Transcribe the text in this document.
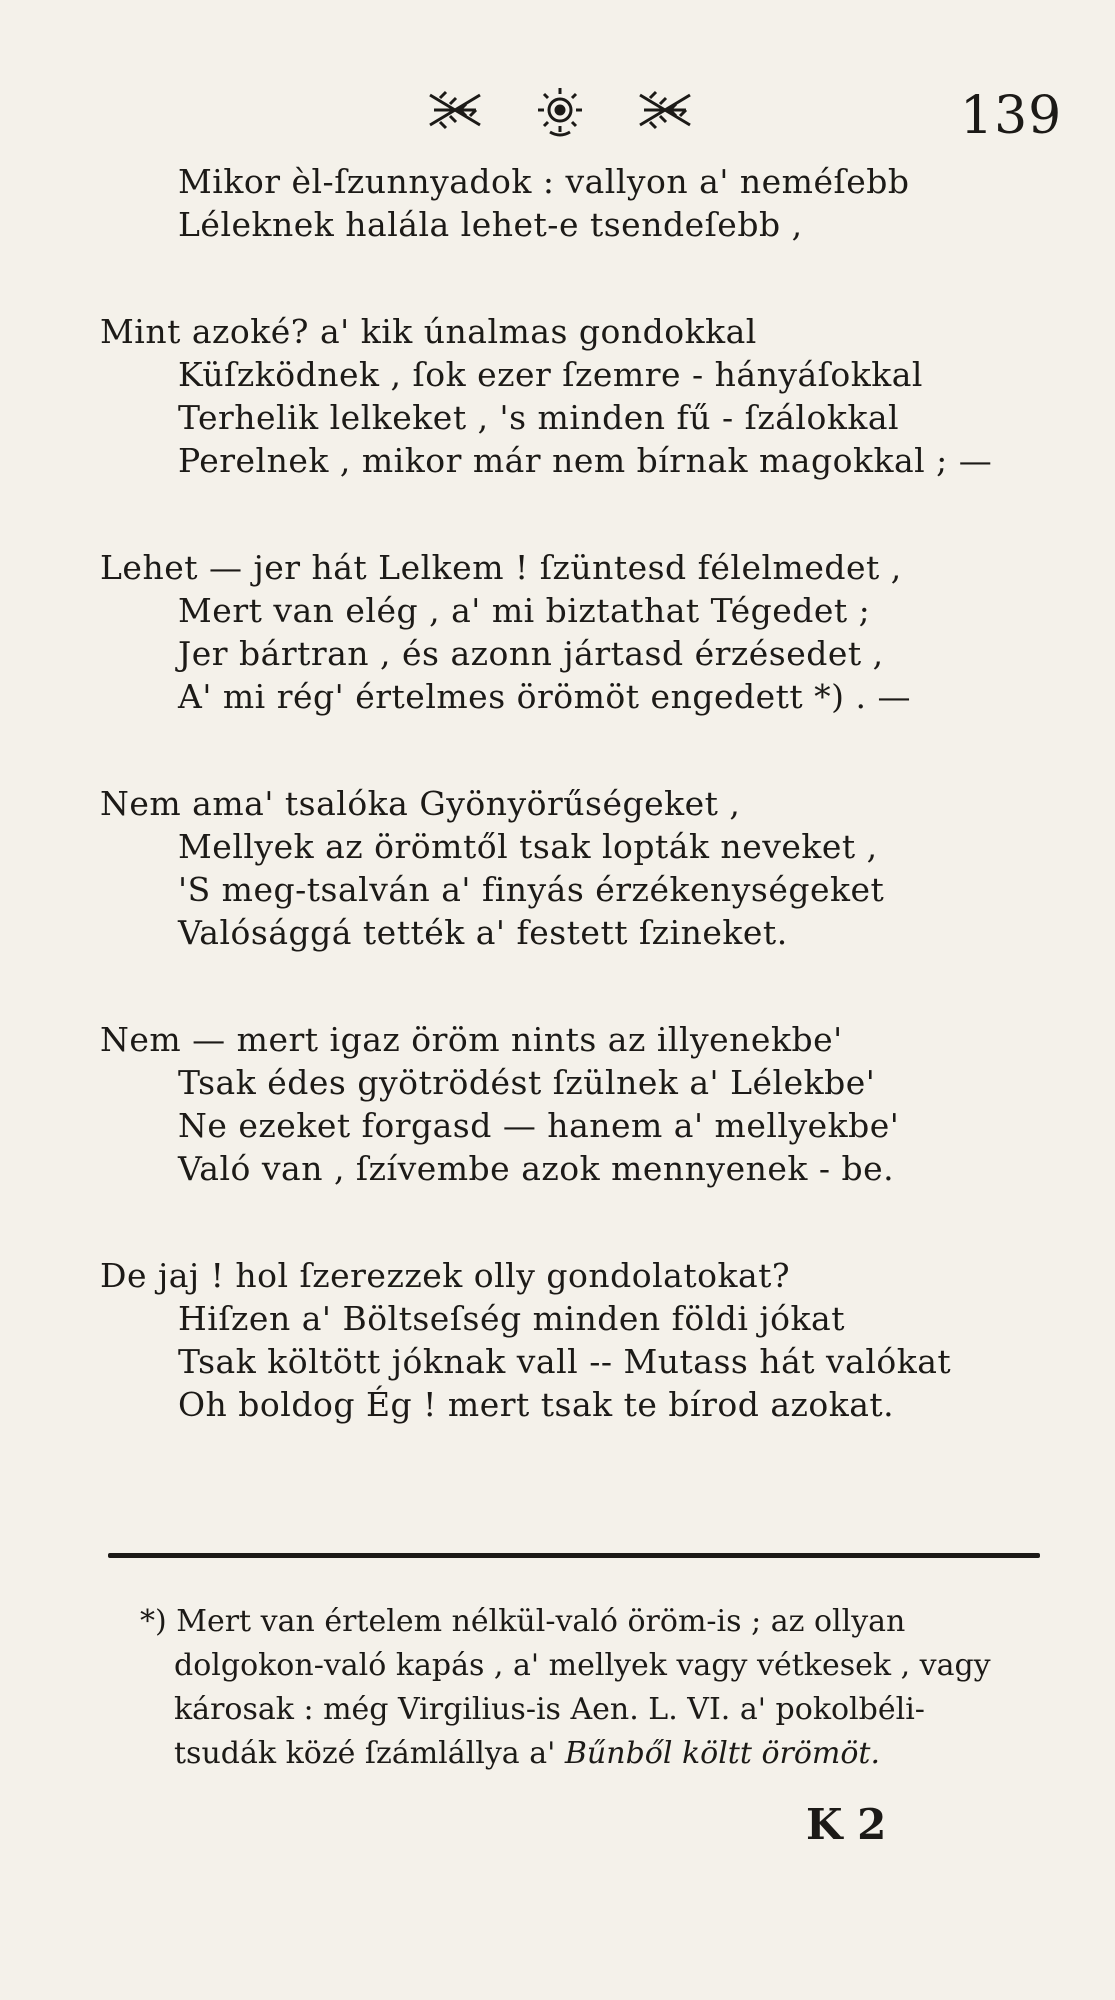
139
Mikor èl-ſzunnyadok : vallyon a' neméſebb
Léleknek halála lehet-e tsendeſebb ,
Mint azoké? a' kik únalmas gondokkal
Küſzködnek , ſok ezer ſzemre - hányáſokkal
Terhelik lelkeket , 's minden fű - ſzálokkal
Perelnek , mikor már nem bírnak magokkal ; —
Lehet — jer hát Lelkem ! ſzüntesd félelmedet ,
Mert van elég , a' mi biztathat Tégedet ;
Jer bártran , és azonn jártasd érzésedet ,
A' mi rég' értelmes örömöt engedett *) . —
Nem ama' tsalóka Gyönyörűségeket ,
Mellyek az örömtől tsak lopták neveket ,
'S meg-tsalván a' finyás érzékenységeket
Valósággá tették a' festett ſzineket.
Nem — mert igaz öröm nints az illyenekbe'
Tsak édes gyötrödést ſzülnek a' Lélekbe'
Ne ezeket forgasd — hanem a' mellyekbe'
Való van , ſzívembe azok mennyenek - be.
De jaj ! hol ſzerezzek olly gondolatokat?
Hiſzen a' Böltseſség minden földi jókat
Tsak költött jóknak vall -- Mutass hát valókat
Oh boldog Ég ! mert tsak te bírod azokat.
*) Mert van értelem nélkül-való öröm-is ; az ollyan
dolgokon-való kapás , a' mellyek vagy vétkesek , vagy
károsak : még Virgilius-is Aen. L. VI. a' pokolbéli-
tsudák közé ſzámlállya a' Bűnből költt örömöt.
K 2
